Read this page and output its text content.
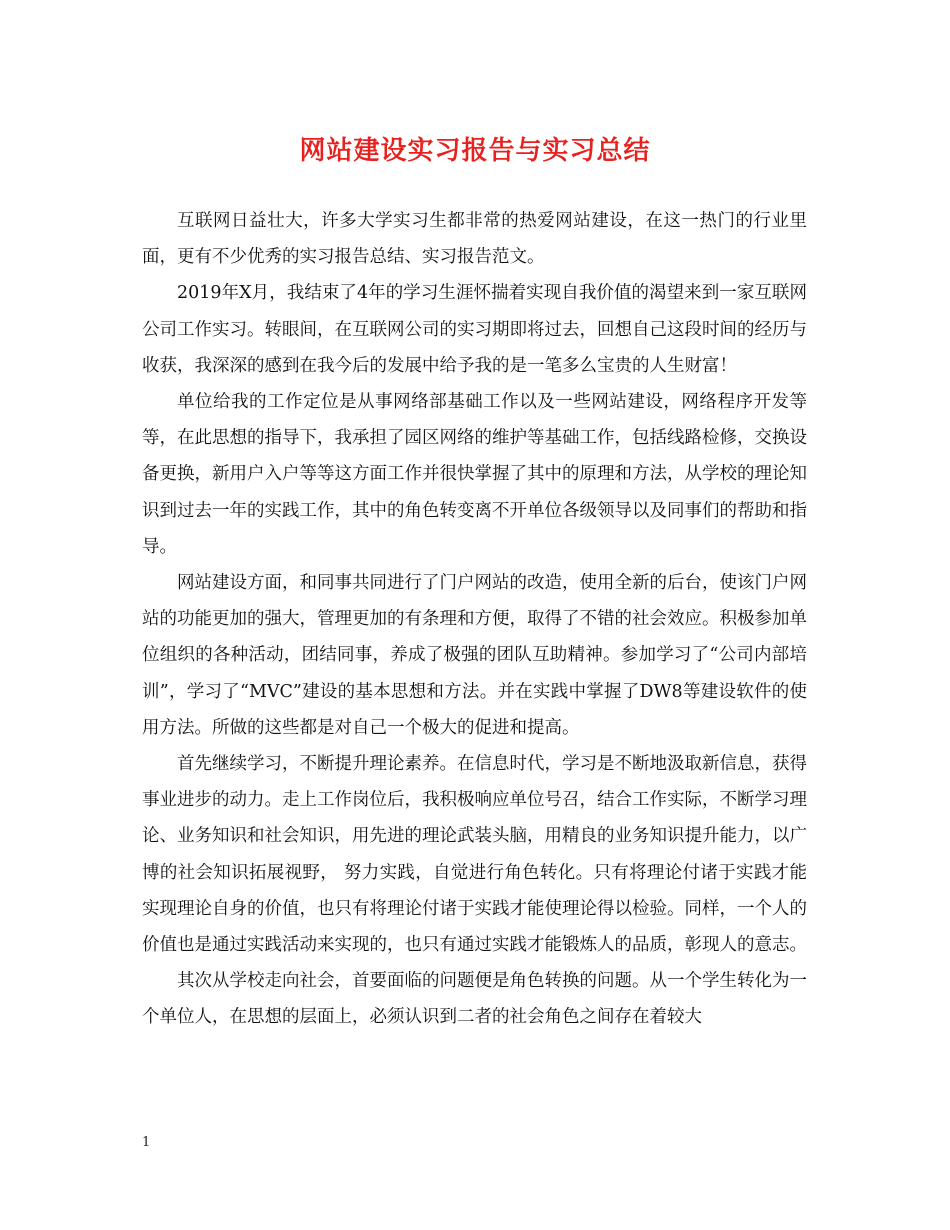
网站建设实习报告与实习总结

互联网日益壮大，许多大学实习生都非常的热爱网站建设，在这一热门的行业里面，更有不少优秀的实习报告总结、实习报告范文。

2019年X月，我结束了4年的学习生涯怀揣着实现自我价值的渴望来到一家互联网公司工作实习。转眼间，在互联网公司的实习期即将过去，回想自己这段时间的经历与收获，我深深的感到在我今后的发展中给予我的是一笔多么宝贵的人生财富！

单位给我的工作定位是从事网络部基础工作以及一些网站建设，网络程序开发等等，在此思想的指导下，我承担了园区网络的维护等基础工作，包括线路检修，交换设备更换，新用户入户等等这方面工作并很快掌握了其中的原理和方法，从学校的理论知识到过去一年的实践工作，其中的角色转变离不开单位各级领导以及同事们的帮助和指导。

网站建设方面，和同事共同进行了门户网站的改造，使用全新的后台，使该门户网站的功能更加的强大，管理更加的有条理和方便，取得了不错的社会效应。积极参加单位组织的各种活动，团结同事，养成了极强的团队互助精神。参加学习了“公司内部培训”，学习了“MVC”建设的基本思想和方法。并在实践中掌握了DW8等建设软件的使用方法。所做的这些都是对自己一个极大的促进和提高。

首先继续学习，不断提升理论素养。在信息时代，学习是不断地汲取新信息，获得事业进步的动力。走上工作岗位后，我积极响应单位号召，结合工作实际，不断学习理论、业务知识和社会知识，用先进的理论武装头脑，用精良的业务知识提升能力，以广博的社会知识拓展视野， 努力实践，自觉进行角色转化。只有将理论付诸于实践才能实现理论自身的价值，也只有将理论付诸于实践才能使理论得以检验。同样，一个人的价值也是通过实践活动来实现的，也只有通过实践才能锻炼人的品质，彰现人的意志。

其次从学校走向社会，首要面临的问题便是角色转换的问题。从一个学生转化为一个单位人，在思想的层面上，必须认识到二者的社会角色之间存在着较大

1
